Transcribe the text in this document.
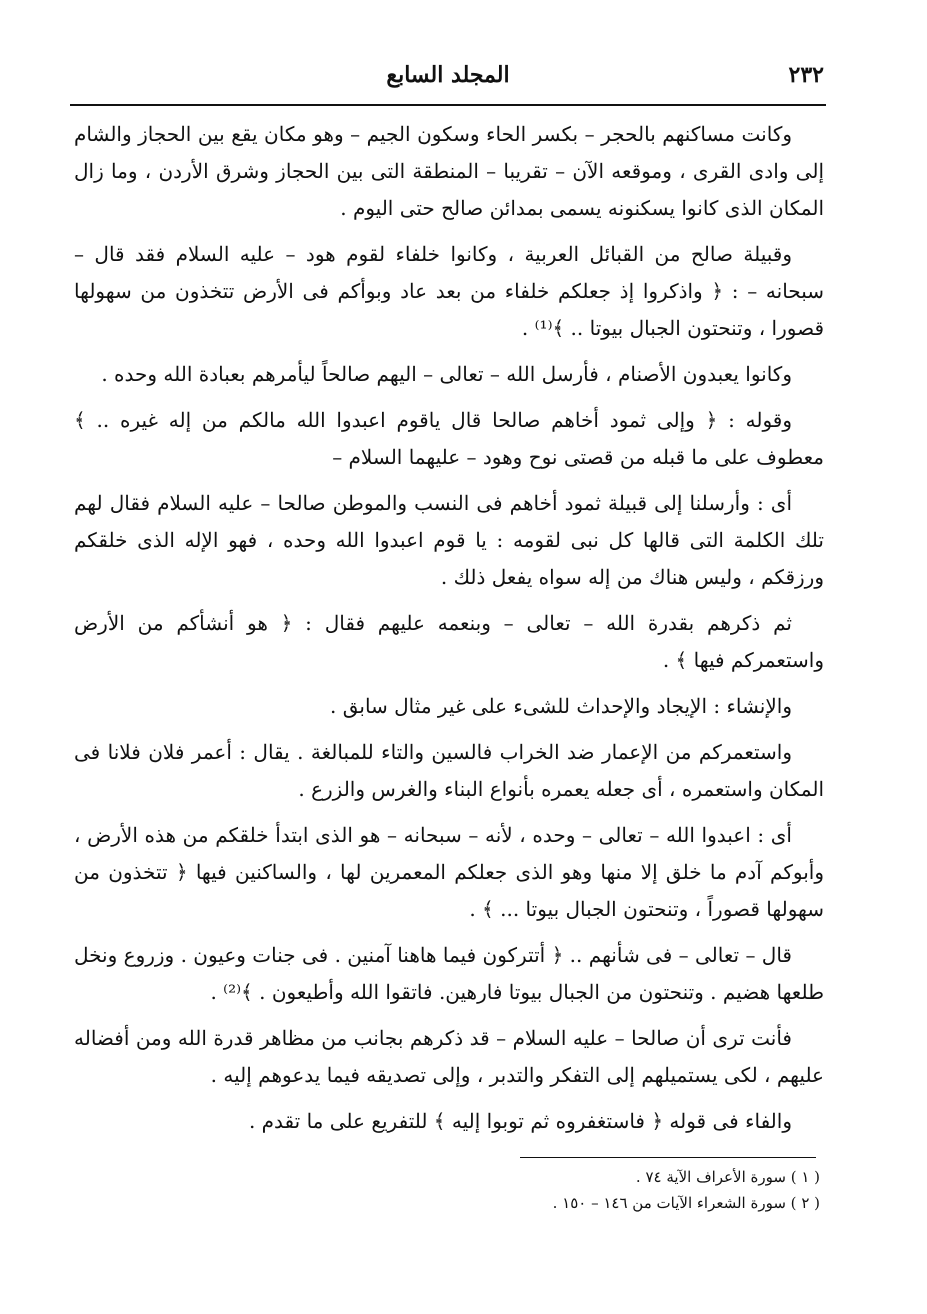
٢٣٢
المجلد السابع

وكانت مساكنهم بالحجر – بكسر الحاء وسكون الجيم – وهو مكان يقع بين الحجاز والشام إلى وادى القرى ، وموقعه الآن – تقريبا – المنطقة التى بين الحجاز وشرق الأردن ، وما زال المكان الذى كانوا يسكنونه يسمى بمدائن صالح حتى اليوم .

وقبيلة صالح من القبائل العربية ، وكانوا خلفاء لقوم هود – عليه السلام فقد قال – سبحانه – : ﴿ واذكروا إذ جعلكم خلفاء من بعد عاد وبوأكم فى الأرض تتخذون من سهولها قصورا ، وتنحتون الجبال بيوتا .. ﴾⁽¹⁾ .

وكانوا يعبدون الأصنام ، فأرسل الله – تعالى – اليهم صالحاً ليأمرهم بعبادة الله وحده .

وقوله : ﴿ وإلى ثمود أخاهم صالحا قال ياقوم اعبدوا الله مالكم من إله غيره .. ﴾ معطوف على ما قبله من قصتى نوح وهود – عليهما السلام –

أى : وأرسلنا إلى قبيلة ثمود أخاهم فى النسب والموطن صالحا – عليه السلام فقال لهم تلك الكلمة التى قالها كل نبى لقومه : يا قوم اعبدوا الله وحده ، فهو الإله الذى خلقكم ورزقكم ، وليس هناك من إله سواه يفعل ذلك .

ثم ذكرهم بقدرة الله – تعالى – وبنعمه عليهم فقال : ﴿ هو أنشأكم من الأرض واستعمركم فيها ﴾ .

والإنشاء : الإيجاد والإحداث للشىء على غير مثال سابق .

واستعمركم من الإعمار ضد الخراب فالسين والتاء للمبالغة . يقال : أعمر فلان فلانا فى المكان واستعمره ، أى جعله يعمره بأنواع البناء والغرس والزرع .

أى : اعبدوا الله – تعالى – وحده ، لأنه – سبحانه – هو الذى ابتدأ خلقكم من هذه الأرض ، وأبوكم آدم ما خلق إلا منها وهو الذى جعلكم المعمرين لها ، والساكنين فيها ﴿ تتخذون من سهولها قصوراً ، وتنحتون الجبال بيوتا ... ﴾ .

قال – تعالى – فى شأنهم .. ﴿ أتتركون فيما هاهنا آمنين . فى جنات وعيون . وزروع ونخل طلعها هضيم . وتنحتون من الجبال بيوتا فارهين. فاتقوا الله وأطيعون . ﴾⁽²⁾ .

فأنت ترى أن صالحا – عليه السلام – قد ذكرهم بجانب من مظاهر قدرة الله ومن أفضاله عليهم ، لكى يستميلهم إلى التفكر والتدبر ، وإلى تصديقه فيما يدعوهم إليه .

والفاء فى قوله ﴿ فاستغفروه ثم توبوا إليه ﴾ للتفريع على ما تقدم .

( ١ ) سورة الأعراف الآية ٧٤ .
( ٢ ) سورة الشعراء الآيات من ١٤٦ – ١٥٠ .
